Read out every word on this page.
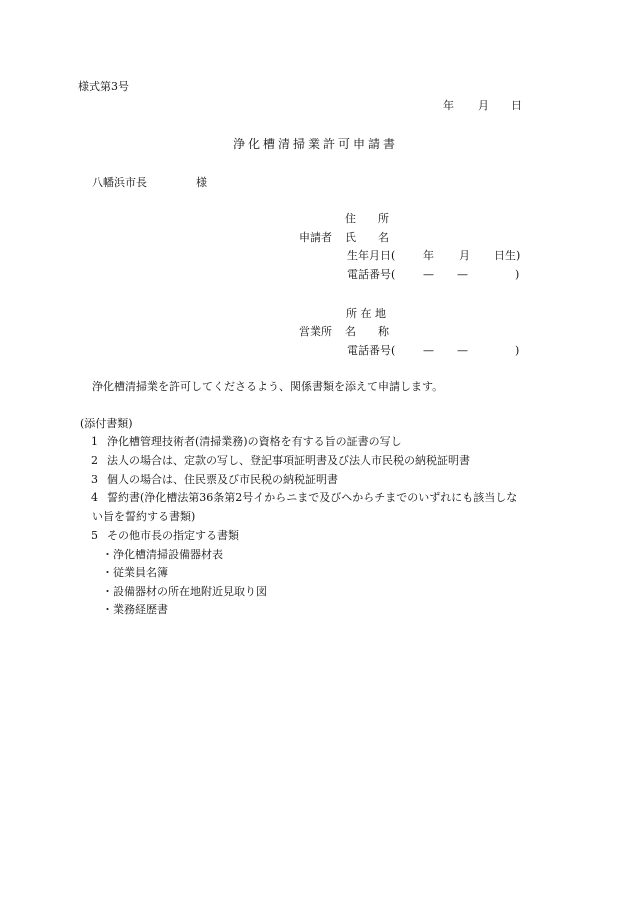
様式第3号
年 月 日
浄化槽清掃業許可申請書
八幡浜市長	様
住　　所
申請者 氏　　名
生年月日(	年 月 日生)
電話番号(	— —	)
所 在 地
営業所 名　　称
電話番号(	— —	)
浄化槽清掃業を許可してくださるよう、関係書類を添えて申請します。
(添付書類)
1 浄化槽管理技術者(清掃業務)の資格を有する旨の証書の写し
2 法人の場合は、定款の写し、登記事項証明書及び法人市民税の納税証明書
3 個人の場合は、住民票及び市民税の納税証明書
4 誓約書(浄化槽法第36条第2号イからニまで及びヘからチまでのいずれにも該当しな
い旨を誓約する書類)
5 その他市長の指定する書類
・浄化槽清掃設備器材表
・従業員名簿
・設備器材の所在地附近見取り図
・業務経歴書
